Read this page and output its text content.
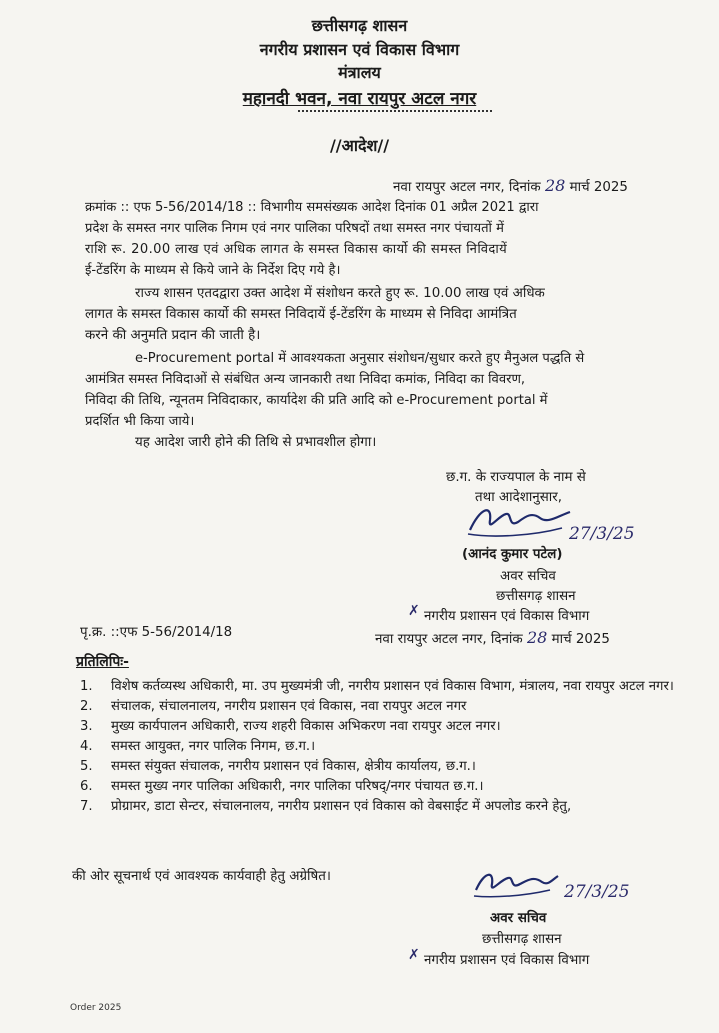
छत्तीसगढ़ शासन
नगरीय प्रशासन एवं विकास विभाग
मंत्रालय
महानदी भवन, नवा रायपुर अटल नगर
//आदेश//
नवा रायपुर अटल नगर, दिनांक 28 मार्च 2025
क्रमांक :: एफ 5-56/2014/18 :: विभागीय समसंख्यक आदेश दिनांक 01 अप्रैल 2021 द्वारा
प्रदेश के समस्त नगर पालिक निगम एवं नगर पालिका परिषदों तथा समस्त नगर पंचायतों में
राशि रू. 20.00 लाख एवं अधिक लागत के समस्त विकास कार्यो की समस्त निविदायें
ई-टेंडरिंग के माध्यम से किये जाने के निर्देश दिए गये है।
राज्य शासन एतदद्वारा उक्त आदेश में संशोधन करते हुए रू. 10.00 लाख एवं अधिक
लागत के समस्त विकास कार्यो की समस्त निविदायें ई-टेंडरिंग के माध्यम से निविदा आमंत्रित
करने की अनुमति प्रदान की जाती है।
e-Procurement portal में आवश्यकता अनुसार संशोधन/सुधार करते हुए मैनुअल पद्धति से
आमंत्रित समस्त निविदाओं से संबंधित अन्य जानकारी तथा निविदा कमांक, निविदा का विवरण,
निविदा की तिथि, न्यूनतम निविदाकार, कार्यादेश की प्रति आदि को e-Procurement portal में
प्रदर्शित भी किया जाये।
यह आदेश जारी होने की तिथि से प्रभावशील होगा।
छ.ग. के राज्यपाल के नाम से
तथा आदेशानुसार,
27/3/25
(आनंद कुमार पटेल)
अवर सचिव
छत्तीसगढ़ शासन
✗ नगरीय प्रशासन एवं विकास विभाग
पृ.क्र. ::एफ 5-56/2014/18	नवा रायपुर अटल नगर, दिनांक 28 मार्च 2025
प्रतिलिपिः-
1. विशेष कर्तव्यस्थ अधिकारी, मा. उप मुख्यमंत्री जी, नगरीय प्रशासन एवं विकास विभाग, मंत्रालय, नवा रायपुर अटल नगर।
2. संचालक, संचालनालय, नगरीय प्रशासन एवं विकास, नवा रायपुर अटल नगर
3. मुख्य कार्यपालन अधिकारी, राज्य शहरी विकास अभिकरण नवा रायपुर अटल नगर।
4. समस्त आयुक्त, नगर पालिक निगम, छ.ग.।
5. समस्त संयुक्त संचालक, नगरीय प्रशासन एवं विकास, क्षेत्रीय कार्यालय, छ.ग.।
6. समस्त मुख्य नगर पालिका अधिकारी, नगर पालिका परिषद्/नगर पंचायत छ.ग.।
7. प्रोग्रामर, डाटा सेन्टर, संचालनालय, नगरीय प्रशासन एवं विकास को वेबसाईट में अपलोड करने हेतु,
की ओर सूचनार्थ एवं आवश्यक कार्यवाही हेतु अग्रेषित।
27/3/25
अवर सचिव
छत्तीसगढ़ शासन
✗ नगरीय प्रशासन एवं विकास विभाग
Order 2025
